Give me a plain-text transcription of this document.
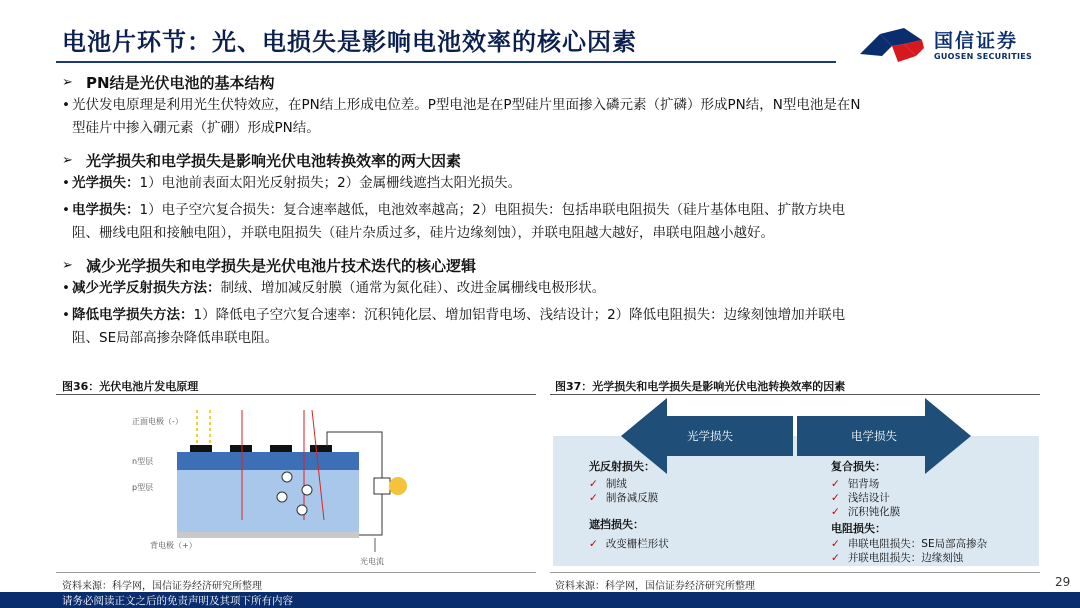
电池片环节：光、电损失是影响电池效率的核心因素	国信证券
GUOSEN SECURITIES
➢ PN结是光伏电池的基本结构
• 光伏发电原理是利用光生伏特效应，在PN结上形成电位差。P型电池是在P型硅片里面掺入磷元素（扩磷）形成PN结，N型电池是在N
型硅片中掺入硼元素（扩硼）形成PN结。
➢ 光学损失和电学损失是影响光伏电池转换效率的两大因素
• 光学损失：1）电池前表面太阳光反射损失；2）金属栅线遮挡太阳光损失。
• 电学损失：1）电子空穴复合损失：复合速率越低，电池效率越高；2）电阻损失：包括串联电阻损失（硅片基体电阻、扩散方块电
阻、栅线电阻和接触电阻），并联电阻损失（硅片杂质过多，硅片边缘刻蚀），并联电阻越大越好，串联电阻越小越好。
➢ 减少光学损失和电学损失是光伏电池片技术迭代的核心逻辑
• 减少光学反射损失方法：制绒、增加减反射膜（通常为氮化硅）、改进金属栅线电极形状。
• 降低电学损失方法：1）降低电子空穴复合速率：沉积钝化层、增加铝背电场、浅结设计；2）降低电阻损失：边缘刻蚀增加并联电
阻、SE局部高掺杂降低串联电阻。
图36：光伏电池片发电原理	图37：光学损失和电学损失是影响光伏电池转换效率的因素
正面电极（-）
n型层
p型层
背电极（+）
光电流
光学损失	电学损失
光反射损失：
✓ 制绒
✓ 制备减反膜
遮挡损失：
✓ 改变栅栏形状
复合损失：
✓ 铝背场
✓ 浅结设计
✓ 沉积钝化膜
电阻损失：
✓ 串联电阻损失：SE局部高掺杂
✓ 并联电阻损失：边缘刻蚀
资料来源：科学网，国信证券经济研究所整理	资料来源：科学网，国信证券经济研究所整理	29
请务必阅读正文之后的免责声明及其项下所有内容
